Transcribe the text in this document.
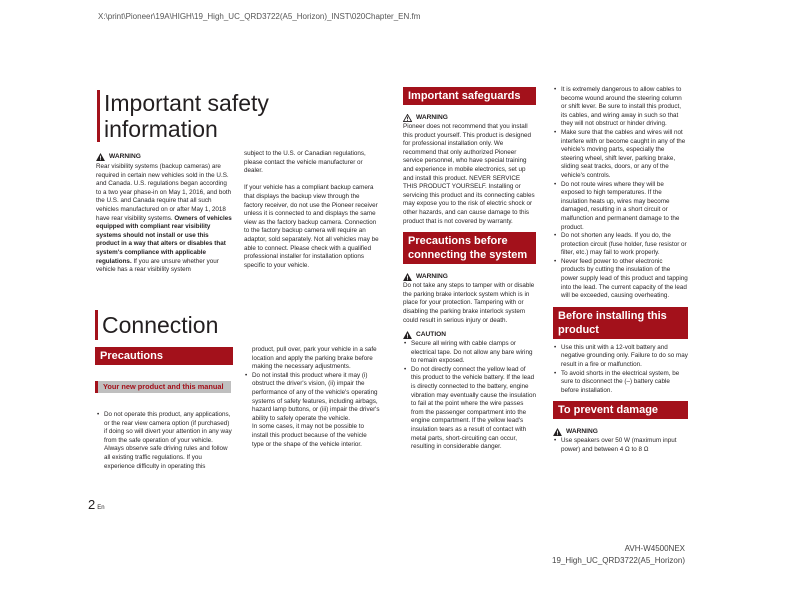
X:\print\Pioneer\19A\HIGH\19_High_UC_QRD3722(A5_Horizon)_INST\020Chapter_EN.fm
Important safety
information
WARNING
Rear visibility systems (backup cameras) are required in certain new vehicles sold in the U.S. and Canada. U.S. regulations began according to a two year phase-in on May 1, 2016, and both the U.S. and Canada require that all such vehicles manufactured on or after May 1, 2018 have rear visibility systems. Owners of vehicles equipped with compliant rear visibility systems should not install or use this product in a way that alters or disables that system's compliance with applicable regulations. If you are unsure whether your vehicle has a rear visibility system

subject to the U.S. or Canadian regulations, please contact the vehicle manufacturer or dealer.

If your vehicle has a compliant backup camera that displays the backup view through the factory receiver, do not use the Pioneer receiver unless it is connected to and displays the same view as the factory backup camera. Connection to the factory backup camera will require an adaptor, sold separately. Not all vehicles may be able to connect. Please check with a qualified professional installer for installation options specific to your vehicle.

Connection
Precautions
Your new product and this manual
• Do not operate this product, any applications, or the rear view camera option (if purchased) if doing so will divert your attention in any way from the safe operation of your vehicle. Always observe safe driving rules and follow all existing traffic regulations. If you experience difficulty in operating this
product, pull over, park your vehicle in a safe location and apply the parking brake before making the necessary adjustments.
• Do not install this product where it may (i) obstruct the driver's vision, (ii) impair the performance of any of the vehicle's operating systems of safety features, including airbags, hazard lamp buttons, or (iii) impair the driver's ability to safely operate the vehicle.
In some cases, it may not be possible to install this product because of the vehicle type or the shape of the vehicle interior.
Important safeguards
WARNING
Pioneer does not recommend that you install this product yourself. This product is designed for professional installation only. We recommend that only authorized Pioneer service personnel, who have special training and experience in mobile electronics, set up and install this product. NEVER SERVICE THIS PRODUCT YOURSELF. Installing or servicing this product and its connecting cables may expose you to the risk of electric shock or other hazards, and can cause damage to this product that is not covered by warranty.
Precautions before connecting the system
WARNING
Do not take any steps to tamper with or disable the parking brake interlock system which is in place for your protection. Tampering with or disabling the parking brake interlock system could result in serious injury or death.
CAUTION
• Secure all wiring with cable clamps or electrical tape. Do not allow any bare wiring to remain exposed.
• Do not directly connect the yellow lead of this product to the vehicle battery. If the lead is directly connected to the battery, engine vibration may eventually cause the insulation to fail at the point where the wire passes from the passenger compartment into the engine compartment. If the yellow lead's insulation tears as a result of contact with metal parts, short-circuiting can occur, resulting in considerable danger.
• It is extremely dangerous to allow cables to become wound around the steering column or shift lever. Be sure to install this product, its cables, and wiring away in such so that they will not obstruct or hinder driving.
• Make sure that the cables and wires will not interfere with or become caught in any of the vehicle's moving parts, especially the steering wheel, shift lever, parking brake, sliding seat tracks, doors, or any of the vehicle's controls.
• Do not route wires where they will be exposed to high temperatures. If the insulation heats up, wires may become damaged, resulting in a short circuit or malfunction and permanent damage to the product.
• Do not shorten any leads. If you do, the protection circuit (fuse holder, fuse resistor or filter, etc.) may fail to work properly.
• Never feed power to other electronic products by cutting the insulation of the power supply lead of this product and tapping into the lead. The current capacity of the lead will be exceeded, causing overheating.
Before installing this product
• Use this unit with a 12-volt battery and negative grounding only. Failure to do so may result in a fire or malfunction.
• To avoid shorts in the electrical system, be sure to disconnect the (–) battery cable before installation.
To prevent damage
WARNING
• Use speakers over 50 W (maximum input power) and between 4 Ω to 8 Ω
2 En
AVH-W4500NEX
19_High_UC_QRD3722(A5_Horizon)
